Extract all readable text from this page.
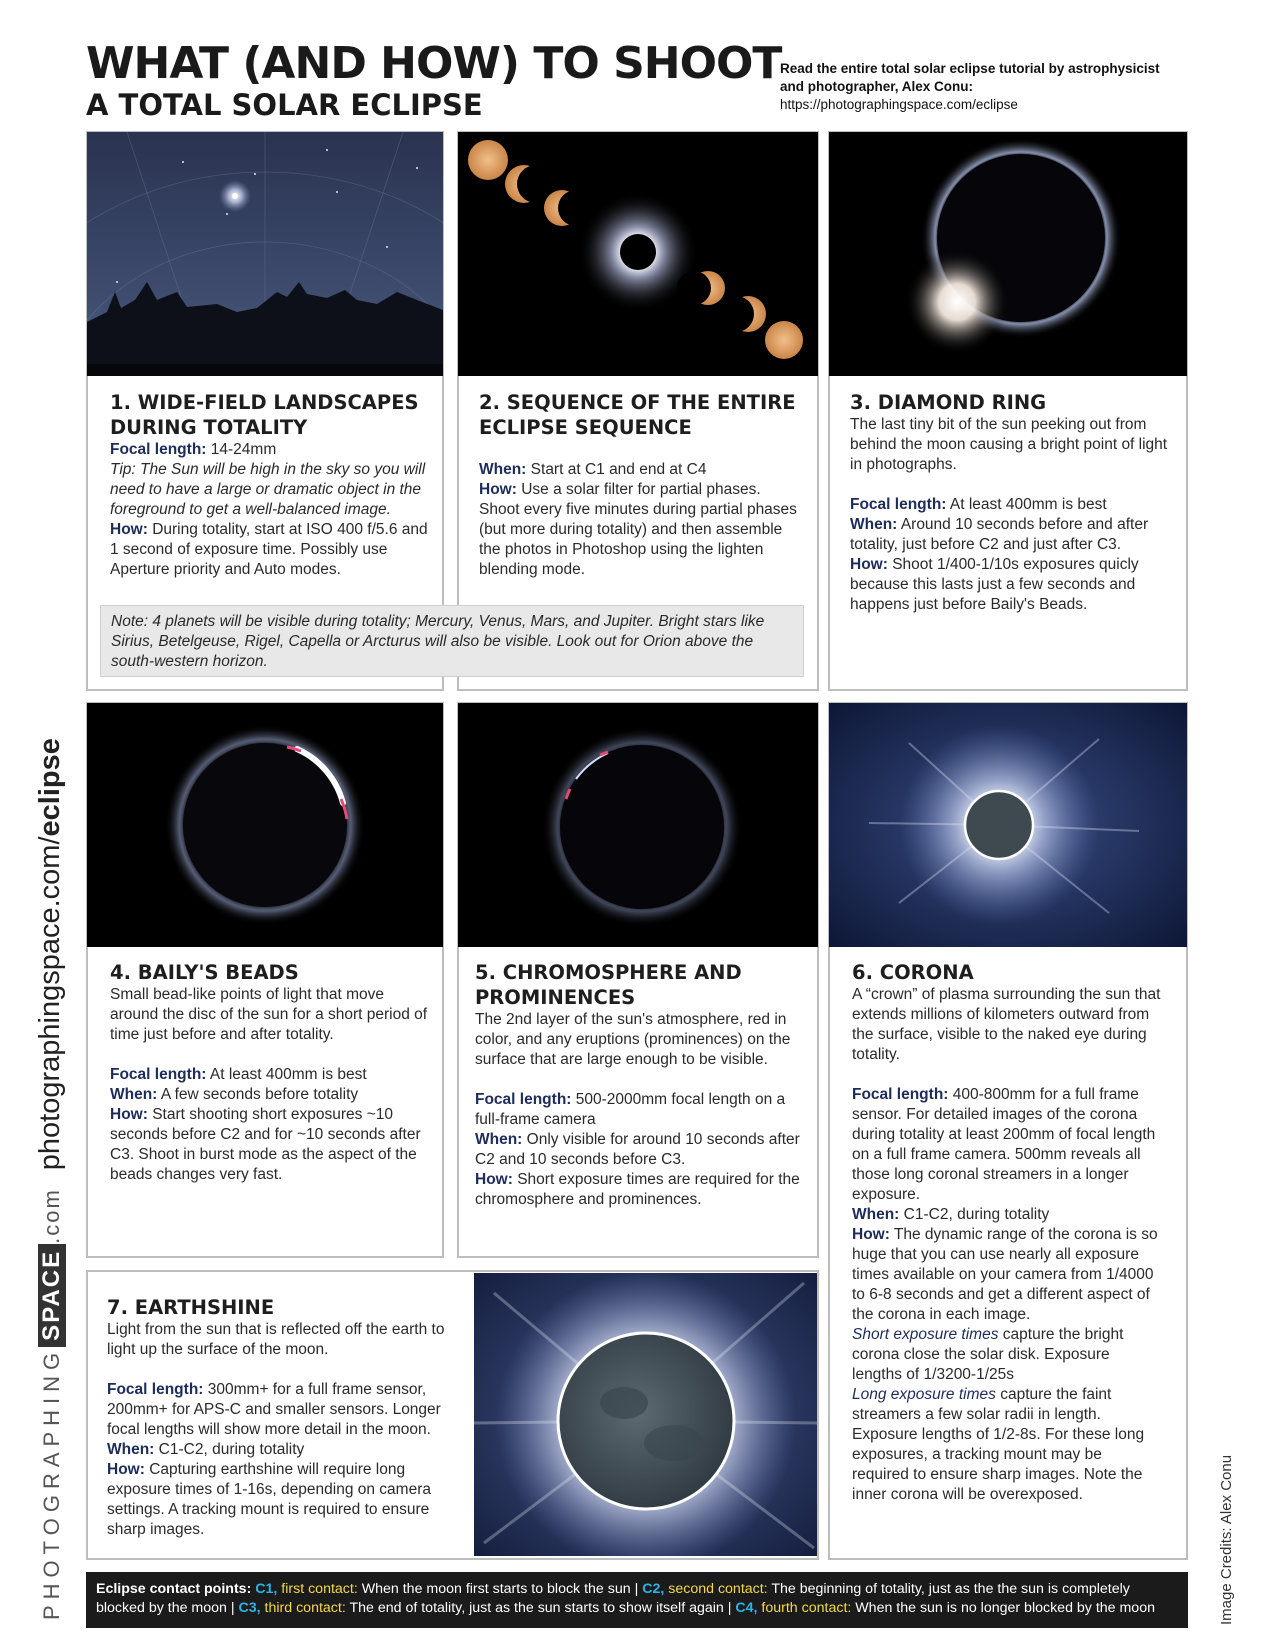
WHAT (AND HOW) TO SHOOT
A TOTAL SOLAR ECLIPSE
Read the entire total solar eclipse tutorial by astrophysicist
and photographer, Alex Conu:
https://photographingspace.com/eclipse
1. WIDE-FIELD LANDSCAPES
DURING TOTALITY

Focal length: 14-24mm

Tip: The Sun will be high in the sky so you will need to have a large or dramatic object in the foreground to get a well-balanced image.

How: During totality, start at ISO 400 f/5.6 and 1 second of exposure time. Possibly use Aperture priority and Auto modes.

2. SEQUENCE OF THE ENTIRE
ECLIPSE SEQUENCE

When: Start at C1 and end at C4

How: Use a solar filter for partial phases. Shoot every five minutes during partial phases (but more during totality) and then assemble the photos in Photoshop using the lighten blending mode.

3. DIAMOND RING

The last tiny bit of the sun peeking out from behind the moon causing a bright point of light in photographs.

Focal length: At least 400mm is best

When: Around 10 seconds before and after totality, just before C2 and just after C3.

How: Shoot 1/400-1/10s exposures quicly because this lasts just a few seconds and happens just before Baily's Beads.

Note: 4 planets will be visible during totality; Mercury, Venus, Mars, and Jupiter. Bright stars like Sirius, Betelgeuse, Rigel, Capella or Arcturus will also be visible. Look out for Orion above the south-western horizon.
4. BAILY'S BEADS

Small bead-like points of light that move around the disc of the sun for a short period of time just before and after totality.

Focal length: At least 400mm is best

When: A few seconds before totality

How: Start shooting short exposures ~10 seconds before C2 and for ~10 seconds after C3. Shoot in burst mode as the aspect of the beads changes very fast.

5. CHROMOSPHERE AND
PROMINENCES

The 2nd layer of the sun's atmosphere, red in color, and any eruptions (prominences) on the surface that are large enough to be visible.

Focal length: 500-2000mm focal length on a full-frame camera

When: Only visible for around 10 seconds after C2 and 10 seconds before C3.

How: Short exposure times are required for the chromosphere and prominences.

6. CORONA

A “crown” of plasma surrounding the sun that extends millions of kilometers outward from the surface, visible to the naked eye during totality.

Focal length: 400-800mm for a full frame sensor. For detailed images of the corona during totality at least 200mm of focal length on a full frame camera. 500mm reveals all those long coronal streamers in a longer exposure.

When: C1-C2, during totality

How: The dynamic range of the corona is so huge that you can use nearly all exposure times available on your camera from 1/4000 to 6-8 seconds and get a different aspect of the corona in each image.

Short exposure times capture the bright corona close the solar disk. Exposure lengths of 1/3200-1/25s

Long exposure times capture the faint streamers a few solar radii in length. Exposure lengths of 1/2-8s. For these long exposures, a tracking mount may be required to ensure sharp images. Note the inner corona will be overexposed.

7. EARTHSHINE

Light from the sun that is reflected off the earth to light up the surface of the moon.

Focal length: 300mm+ for a full frame sensor, 200mm+ for APS-C and smaller sensors. Longer focal lengths will show more detail in the moon.

When: C1-C2, during totality

How: Capturing earthshine will require long exposure times of 1-16s, depending on camera settings. A tracking mount is required to ensure sharp images.

PHOTOGRAPHINGSPACE.comphotographingspace.com/eclipse
Image Credits: Alex Conu
Eclipse contact points: C1, first contact: When the moon first starts to block the sun | C2, second contact: The beginning of totality, just as the the sun is completely blocked by the moon | C3, third contact: The end of totality, just as the sun starts to show itself again | C4, fourth contact: When the sun is no longer blocked by the moon
